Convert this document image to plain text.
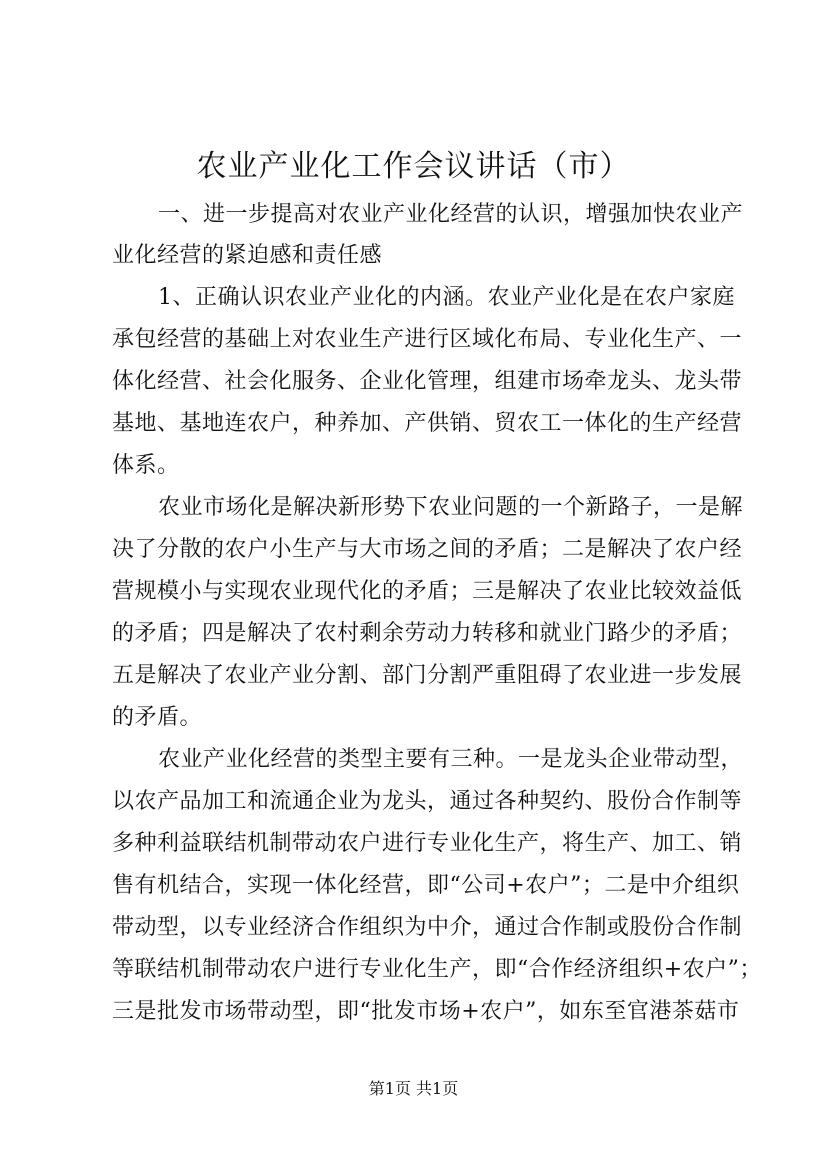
农业产业化工作会议讲话（市）
一、进一步提高对农业产业化经营的认识，增强加快农业产
业化经营的紧迫感和责任感
1、正确认识农业产业化的内涵。农业产业化是在农户家庭
承包经营的基础上对农业生产进行区域化布局、专业化生产、一
体化经营、社会化服务、企业化管理，组建市场牵龙头、龙头带
基地、基地连农户，种养加、产供销、贸农工一体化的生产经营
体系。
农业市场化是解决新形势下农业问题的一个新路子，一是解
决了分散的农户小生产与大市场之间的矛盾；二是解决了农户经
营规模小与实现农业现代化的矛盾；三是解决了农业比较效益低
的矛盾；四是解决了农村剩余劳动力转移和就业门路少的矛盾；
五是解决了农业产业分割、部门分割严重阻碍了农业进一步发展
的矛盾。
农业产业化经营的类型主要有三种。一是龙头企业带动型，
以农产品加工和流通企业为龙头，通过各种契约、股份合作制等
多种利益联结机制带动农户进行专业化生产，将生产、加工、销
售有机结合，实现一体化经营，即“公司+农户”；二是中介组织
带动型，以专业经济合作组织为中介，通过合作制或股份合作制
等联结机制带动农户进行专业化生产，即“合作经济组织+农户”；
三是批发市场带动型，即“批发市场+农户”，如东至官港茶菇市
第1页 共1页
